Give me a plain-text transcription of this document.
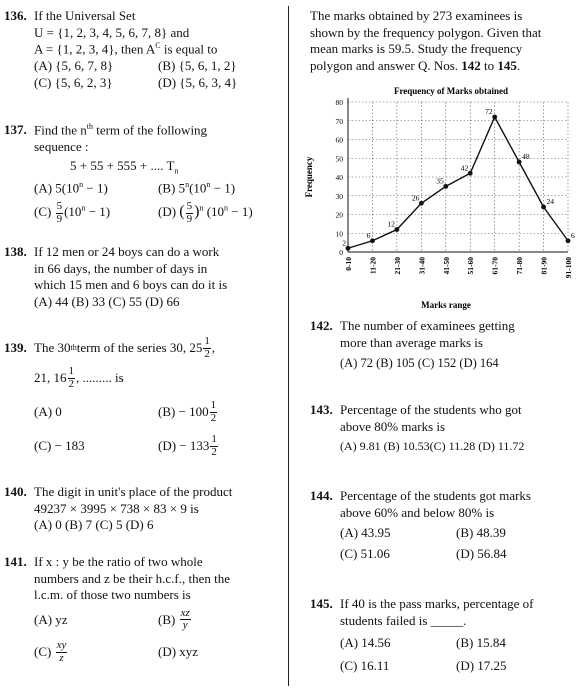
136. If the Universal Set
U = {1, 2, 3, 4, 5, 6, 7, 8} and
A = {1, 2, 3, 4}, then $A^C$ is equal to
(A) {5, 6, 7, 8}	(B) {5, 6, 1, 2}
(C) {5, 6, 2, 3}	(D) {5, 6, 3, 4}
137. Find the $n^{th}$ term of the following
sequence :
5 + 55 + 555 + .... $T_n$
(A) $5(10^n - 1)$	(B) $5^n(10^n - 1)$
$(C) \frac{5}{9} (10^n - 1)$	(D) ( $\frac{5}{9} )^n$ $(10^n - 1)$
138. If 12 men or 24 boys can do a work
in 66 days, the number of days in
which 15 men and 6 boys can do it is
(A) 44 (B) 33 (C) 55 (D) 66
139. The 30 th term of the series 30, $25 \frac{1}{2}$ ,
21, $16 \frac{1}{2}$ , ......... is
(A) 0	$(B) - 100 \frac{1}{2}$
(C) − 183	$(D) - 133 \frac{1}{2}$
140. The digit in unit's place of the product
49237 × 3995 × 738 × 83 × 9 is
(A) 0 (B) 7 (C) 5 (D) 6
141. If x : y be the ratio of two whole
numbers and z be their h.c.f., then the
l.c.m. of those two numbers is
(A) yz	(B)
$\frac{xz}{y}$
(C)
$\frac{xy}{z}$	(D) xyz
The marks obtained by 273 examinees is
shown by the frequency polygon. Given that
mean marks is 59.5. Study the frequency
polygon and answer Q. Nos. 142 to 145.
Frequency of Marks obtained
0
10
20
30
40
50
60
70
80
0-10 11-20 21-30 31-40 41-50 51-60 61-70 71-80 81-90 91-100
2
6
12
26
35
42
72
48
24
6
Frequency
Marks range
142. The number of examinees getting
more than average marks is
(A) 72 (B) 105 (C) 152 (D) 164
143. Percentage of the students who got
above 80% marks is
(A) 9.81 (B) 10.53(C) 11.28 (D) 11.72
144. Percentage of the students got marks
above 60% and below 80% is
(A) 43.95	(B) 48.39
(C) 51.06	(D) 56.84
145. If 40 is the pass marks, percentage of
students failed is _____.
(A) 14.56	(B) 15.84
(C) 16.11	(D) 17.25
